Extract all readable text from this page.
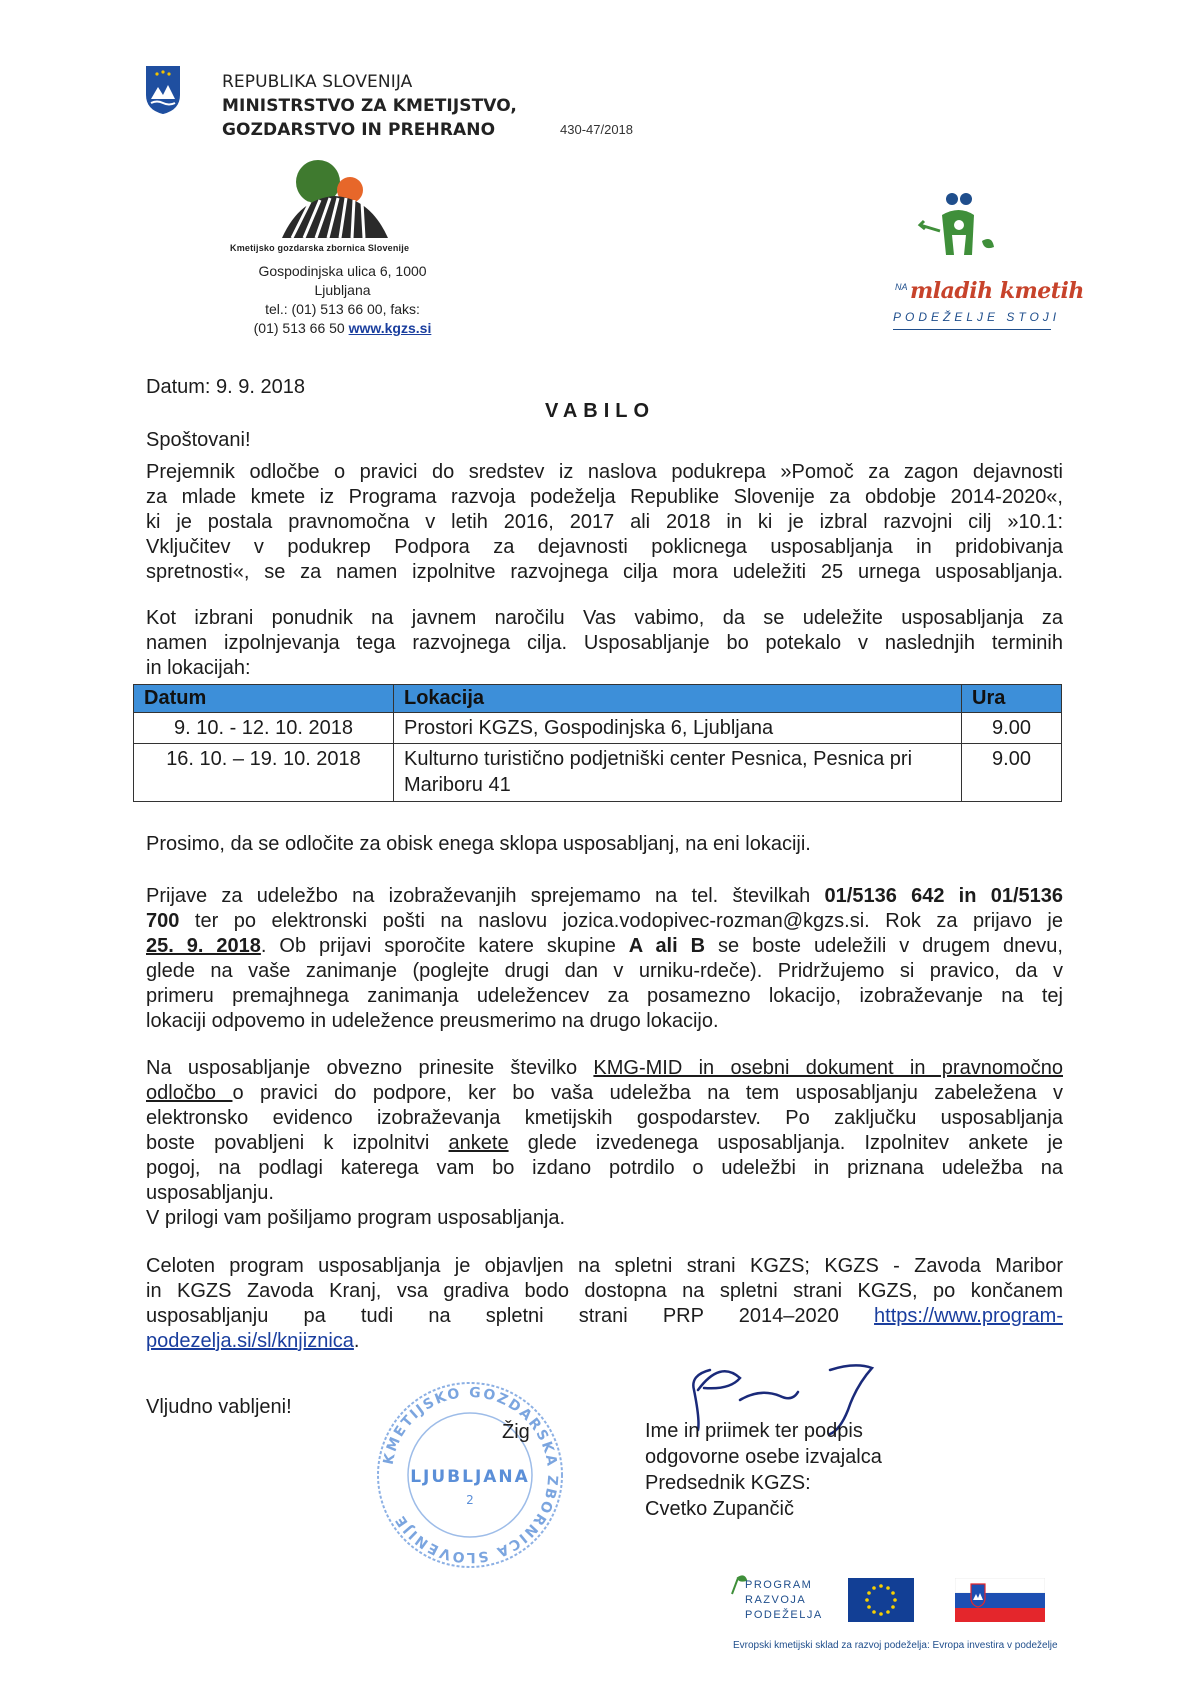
REPUBLIKA SLOVENIJA
MINISTRSTVO ZA KMETIJSTVO,
GOZDARSTVO IN PREHRANO	430-47/2018
Kmetijsko gozdarska zbornica Slovenije
Gospodinjska ulica 6, 1000
Ljubljana
tel.: (01) 513 66 00, faks:
(01) 513 66 50 www.kgzs.si
NA mladih kmetih
PODEŽELJE STOJI
Datum: 9. 9. 2018
VABILO
Spoštovani!

Prejemnik odločbe o pravici do sredstev iz naslova podukrepa »Pomoč za zagon dejavnosti

za mlade kmete iz Programa razvoja podeželja Republike Slovenije za obdobje 2014-2020«,

ki je postala pravnomočna v letih 2016, 2017 ali 2018 in ki je izbral razvojni cilj »10.1:

Vključitev v podukrep Podpora za dejavnosti poklicnega usposabljanja in pridobivanja

spretnosti«, se za namen izpolnitve razvojnega cilja mora udeležiti 25 urnega usposabljanja.

Kot izbrani ponudnik na javnem naročilu Vas vabimo, da se udeležite usposabljanja za

namen izpolnjevanja tega razvojnega cilja. Usposabljanje bo potekalo v naslednjih terminih

in lokacijah:

Datum	Lokacija	Ura
9. 10. - 12. 10. 2018	Prostori KGZS, Gospodinjska 6, Ljubljana	9.00
16. 10. – 19. 10. 2018	Kulturno turistično podjetniški center Pesnica, Pesnica pri Mariboru 41	9.00

Prosimo, da se odločite za obisk enega sklopa usposabljanj, na eni lokaciji.

Prijave za udeležbo na izobraževanjih sprejemamo na tel. številkah 01/5136 642 in 01/5136

700 ter po elektronski pošti na naslovu jozica.vodopivec-rozman@kgzs.si. Rok za prijavo je

25. 9. 2018. Ob prijavi sporočite katere skupine A ali B se boste udeležili v drugem dnevu,

glede na vaše zanimanje (poglejte drugi dan v urniku-rdeče). Pridržujemo si pravico, da v

primeru premajhnega zanimanja udeležencev za posamezno lokacijo, izobraževanje na tej

lokaciji odpovemo in udeležence preusmerimo na drugo lokacijo.

Na usposabljanje obvezno prinesite številko KMG-MID in osebni dokument in pravnomočno

odločbo o pravici do podpore, ker bo vaša udeležba na tem usposabljanju zabeležena v

elektronsko evidenco izobraževanja kmetijskih gospodarstev. Po zaključku usposabljanja

boste povabljeni k izpolnitvi ankete glede izvedenega usposabljanja. Izpolnitev ankete je

pogoj, na podlagi katerega vam bo izdano potrdilo o udeležbi in priznana udeležba na

usposabljanju.

V prilogi vam pošiljamo program usposabljanja.

Celoten program usposabljanja je objavljen na spletni strani KGZS; KGZS - Zavoda Maribor

in KGZS Zavoda Kranj, vsa gradiva bodo dostopna na spletni strani KGZS, po končanem

usposabljanju pa tudi na spletni strani PRP 2014–2020 https://www.program-

podezelja.si/sl/knjiznica.

Vljudno vabljeni!
KMETIJSKO GOZDARSKA ZBORNICA SLOVENIJE
LJUBLJANA
2
Žig	Ime in priimek ter podpis
odgovorne osebe izvajalca
Predsednik KGZS:
Cvetko Zupančič
PROGRAM
RAZVOJA
PODEŽELJA
Evropski kmetijski sklad za razvoj podeželja: Evropa investira v podeželje
